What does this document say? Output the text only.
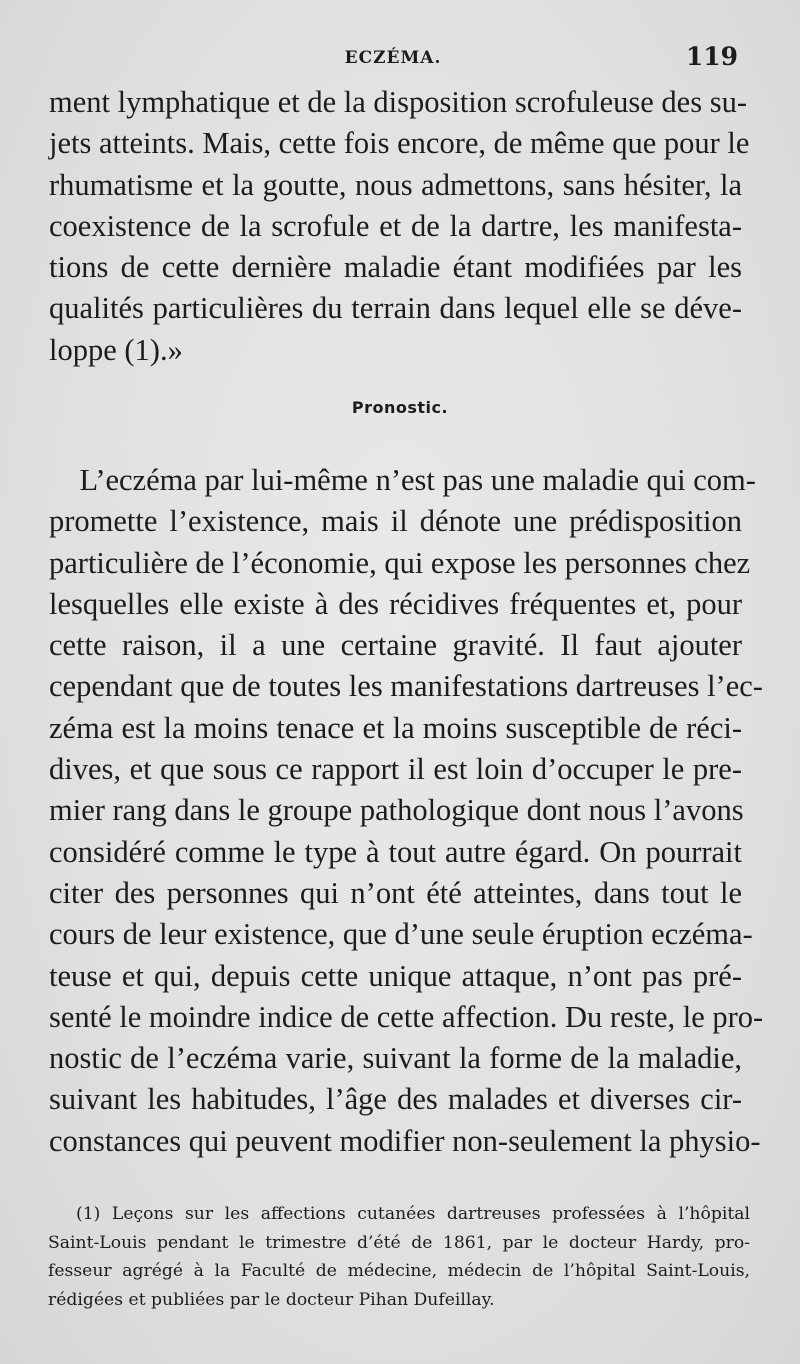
ECZÉMA.	119
ment lymphatique et de la disposition scrofuleuse des su-
jets atteints. Mais, cette fois encore, de même que pour le
rhumatisme et la goutte, nous admettons, sans hésiter, la
coexistence de la scrofule et de la dartre, les manifesta-
tions de cette dernière maladie étant modifiées par les
qualités particulières du terrain dans lequel elle se déve-
loppe (1).»
Pronostic.
L’eczéma par lui-même n’est pas une maladie qui com-
promette l’existence, mais il dénote une prédisposition
particulière de l’économie, qui expose les personnes chez
lesquelles elle existe à des récidives fréquentes et, pour
cette raison, il a une certaine gravité. Il faut ajouter
cependant que de toutes les manifestations dartreuses l’ec-
zéma est la moins tenace et la moins susceptible de réci-
dives, et que sous ce rapport il est loin d’occuper le pre-
mier rang dans le groupe pathologique dont nous l’avons
considéré comme le type à tout autre égard. On pourrait
citer des personnes qui n’ont été atteintes, dans tout le
cours de leur existence, que d’une seule éruption eczéma-
teuse et qui, depuis cette unique attaque, n’ont pas pré-
senté le moindre indice de cette affection. Du reste, le pro-
nostic de l’eczéma varie, suivant la forme de la maladie,
suivant les habitudes, l’âge des malades et diverses cir-
constances qui peuvent modifier non-seulement la physio-
(1) Leçons sur les affections cutanées dartreuses professées à l’hôpital
Saint-Louis pendant le trimestre d’été de 1861, par le docteur Hardy, pro-
fesseur agrégé à la Faculté de médecine, médecin de l’hôpital Saint-Louis,
rédigées et publiées par le docteur Pihan Dufeillay.
